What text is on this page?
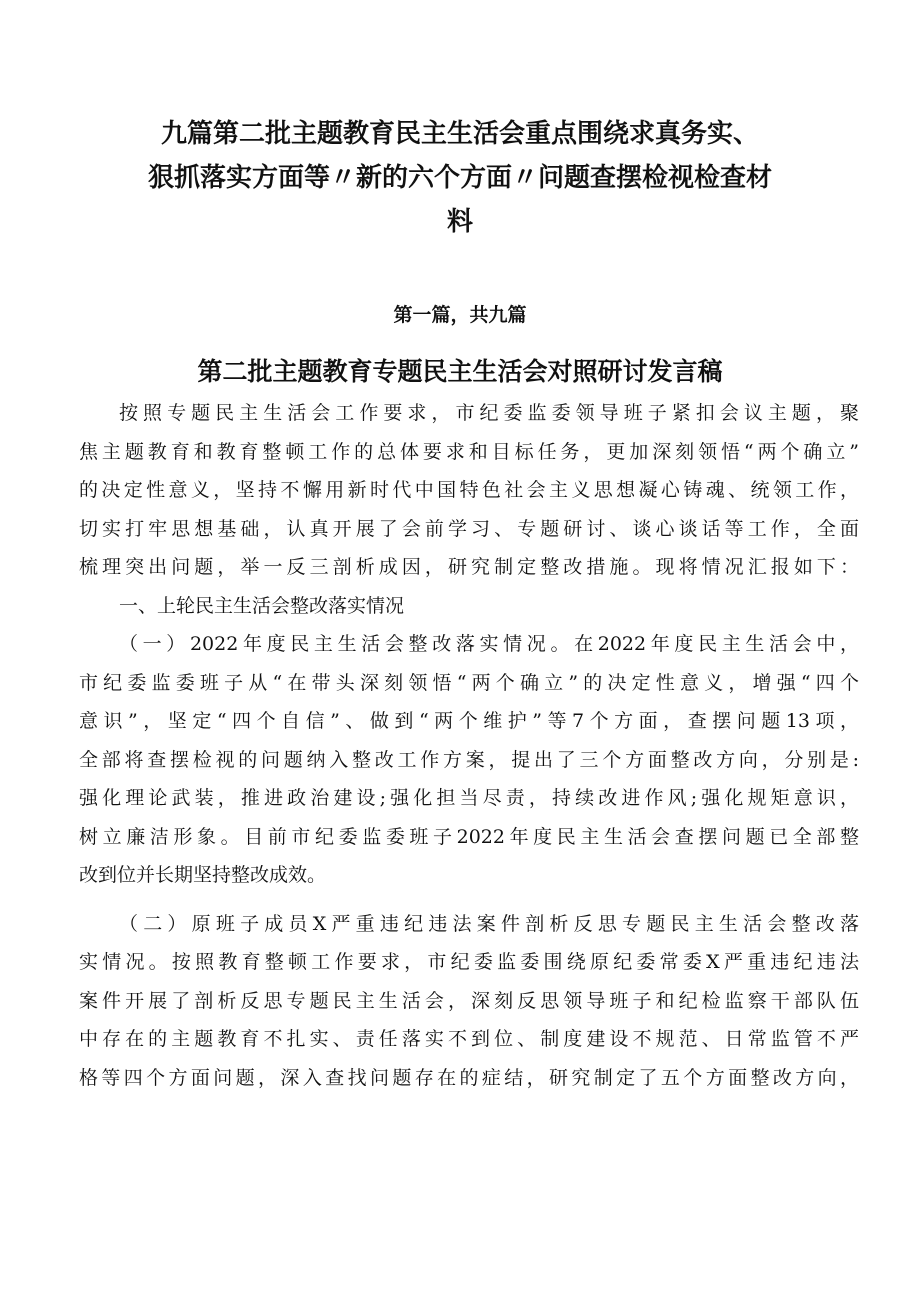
九篇第二批主题教育民主生活会重点围绕求真务实、
狠抓落实方面等〃新的六个方面〃问题查摆检视检查材
料

第一篇，共九篇

第二批主题教育专题民主生活会对照研讨发言稿
按照专题民主生活会工作要求，市纪委监委领导班子紧扣会议主题，聚
焦主题教育和教育整顿工作的总体要求和目标任务，更加深刻领悟“两个确立”
的决定性意义，坚持不懈用新时代中国特色社会主义思想凝心铸魂、统领工作，
切实打牢思想基础，认真开展了会前学习、专题研讨、谈心谈话等工作，全面
梳理突出问题，举一反三剖析成因，研究制定整改措施。现将情况汇报如下：
一、上轮民主生活会整改落实情况
（一）2022年度民主生活会整改落实情况。在2022年度民主生活会中，
市纪委监委班子从“在带头深刻领悟“两个确立”的决定性意义，增强“四个
意识”，坚定“四个自信”、做到“两个维护”等7个方面，查摆问题13项，
全部将查摆检视的问题纳入整改工作方案，提出了三个方面整改方向，分别是:
强化理论武装，推进政治建设;强化担当尽责，持续改进作风;强化规矩意识，
树立廉洁形象。目前市纪委监委班子2022年度民主生活会查摆问题已全部整
改到位并长期坚持整改成效。
（二）原班子成员X严重违纪违法案件剖析反思专题民主生活会整改落
实情况。按照教育整顿工作要求，市纪委监委围绕原纪委常委X严重违纪违法
案件开展了剖析反思专题民主生活会，深刻反思领导班子和纪检监察干部队伍
中存在的主题教育不扎实、责任落实不到位、制度建设不规范、日常监管不严
格等四个方面问题，深入查找问题存在的症结，研究制定了五个方面整改方向，
